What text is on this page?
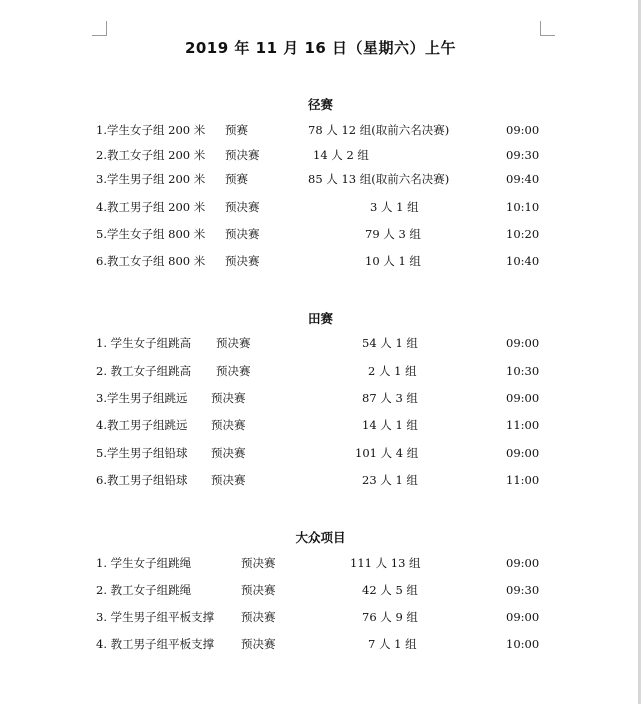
2019 年 11 月 16 日（星期六）上午
径赛
1.学生女子组 200 米 预赛	78 人 12 组(取前六名决赛)	09:00
2.教工女子组 200 米 预决赛	14 人 2 组	09:30
3.学生男子组 200 米 预赛	85 人 13 组(取前六名决赛)	09:40
4.教工男子组 200 米 预决赛	3 人 1 组	10:10
5.学生女子组 800 米 预决赛	79 人 3 组	10:20
6.教工女子组 800 米 预决赛	10 人 1 组	10:40
田赛
1. 学生女子组跳高 预决赛	54 人 1 组	09:00
2. 教工女子组跳高 预决赛	2 人 1 组	10:30
3.学生男子组跳远 预决赛	87 人 3 组	09:00
4.教工男子组跳远 预决赛	14 人 1 组	11:00
5.学生男子组铅球 预决赛	101 人 4 组	09:00
6.教工男子组铅球 预决赛	23 人 1 组	11:00
大众项目
1. 学生女子组跳绳	预决赛	111 人 13 组	09:00
2. 教工女子组跳绳	预决赛	42 人 5 组	09:30
3. 学生男子组平板支撑 预决赛	76 人 9 组	09:00
4. 教工男子组平板支撑 预决赛	7 人 1 组	10:00
